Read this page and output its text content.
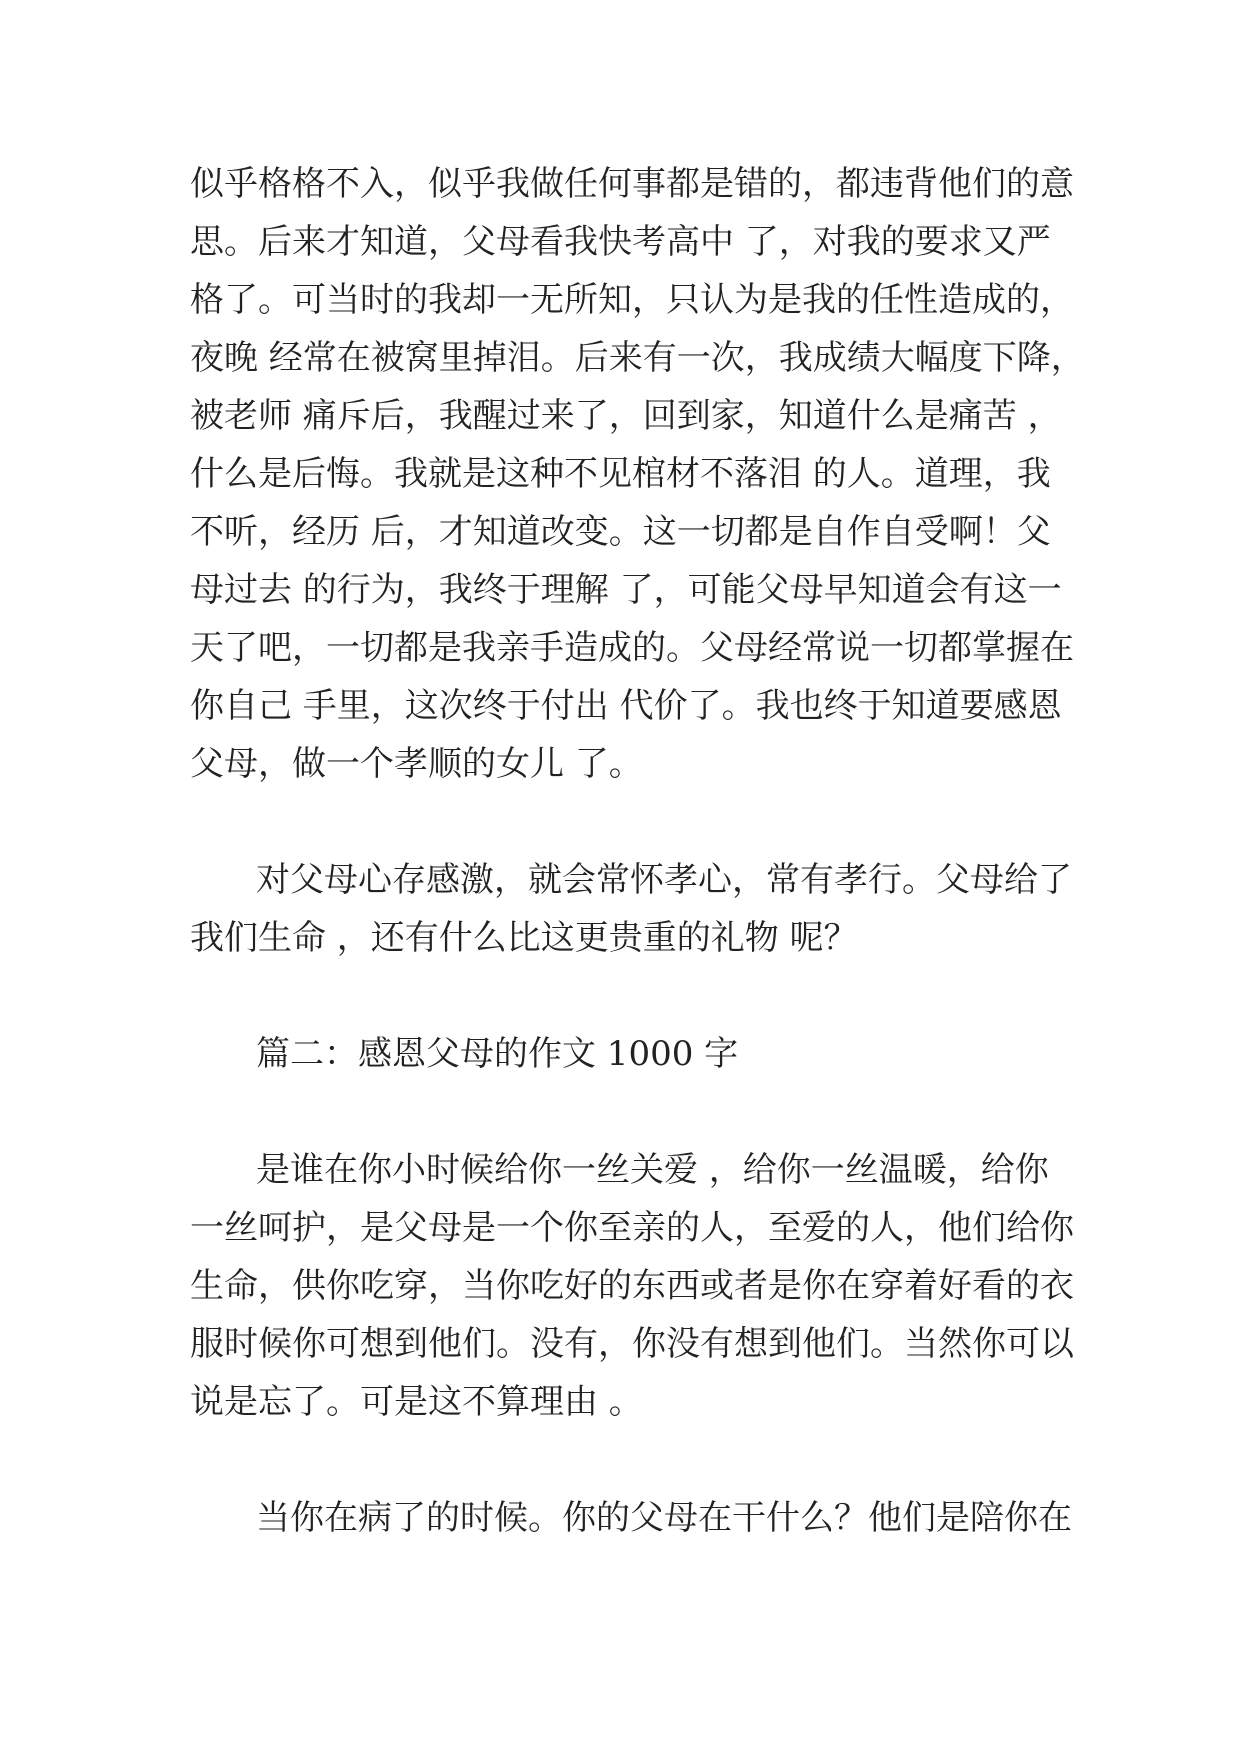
似乎格格不入，似乎我做任何事都是错的，都违背他们的意

思。后来才知道，父母看我快考高中 了，对我的要求又严

格了。可当时的我却一无所知，只认为是我的任性造成的，

夜晚 经常在被窝里掉泪。后来有一次，我成绩大幅度下降，

被老师 痛斥后，我醒过来了，回到家，知道什么是痛苦 ，

什么是后悔。我就是这种不见棺材不落泪 的人。道理，我

不听，经历 后，才知道改变。这一切都是自作自受啊！父

母过去 的行为，我终于理解 了，可能父母早知道会有这一

天了吧，一切都是我亲手造成的。父母经常说一切都掌握在

你自己 手里，这次终于付出 代价了。我也终于知道要感恩

父母，做一个孝顺的女儿 了。

对父母心存感激，就会常怀孝心，常有孝行。父母给了

我们生命 ，还有什么比这更贵重的礼物 呢？

篇二：感恩父母的作文 1000 字

是谁在你小时候给你一丝关爱 ，给你一丝温暖，给你

一丝呵护，是父母是一个你至亲的人，至爱的人，他们给你

生命，供你吃穿，当你吃好的东西或者是你在穿着好看的衣

服时候你可想到他们。没有，你没有想到他们。当然你可以

说是忘了。可是这不算理由 。

当你在病了的时候。你的父母在干什么？他们是陪你在
